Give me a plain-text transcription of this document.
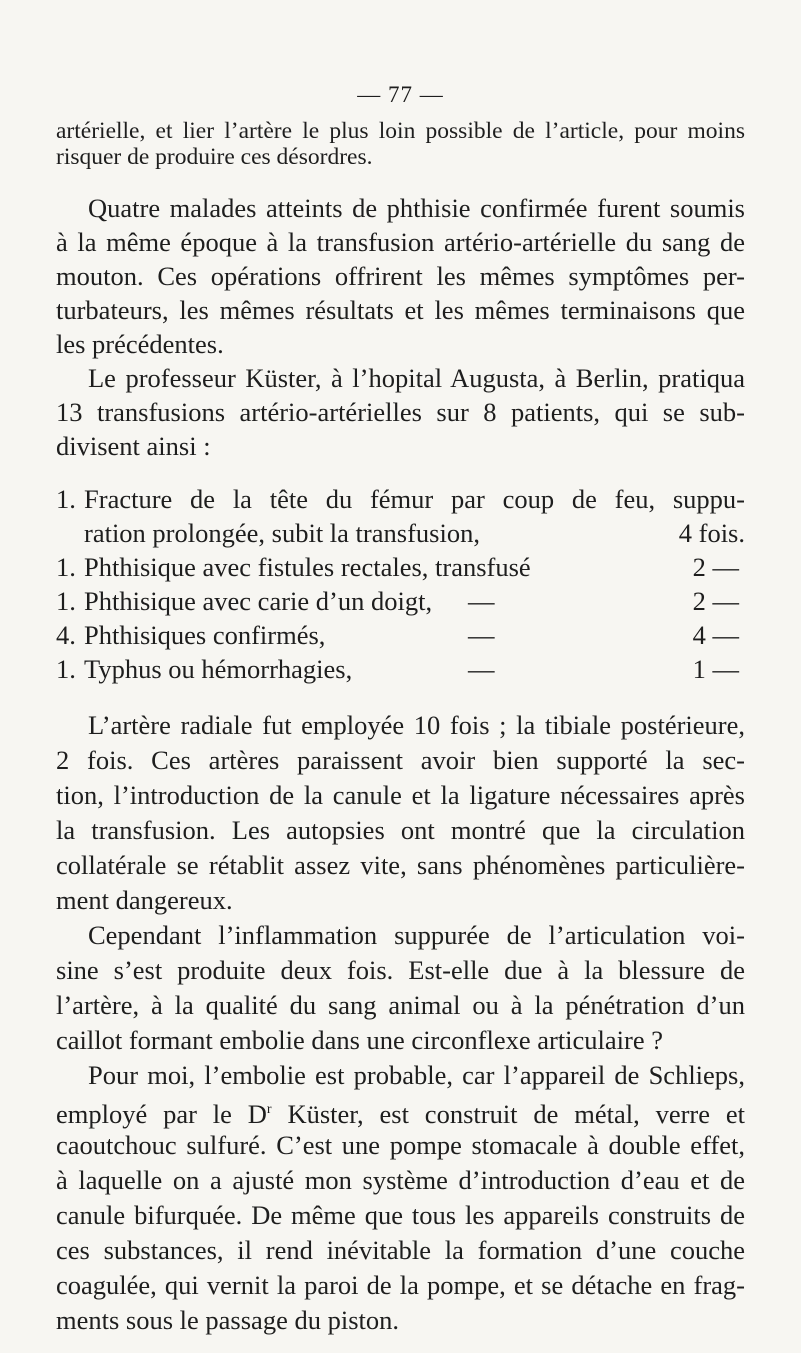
— 77 —
artérielle, et lier l’artère le plus loin possible de l’article, pour moins
risquer de produire ces désordres.
Quatre malades atteints de phthisie confirmée furent soumis
à la même époque à la transfusion artério-artérielle du sang de
mouton. Ces opérations offrirent les mêmes symptômes per-
turbateurs, les mêmes résultats et les mêmes terminaisons que
les précédentes.
Le professeur Küster, à l’hopital Augusta, à Berlin, pratiqua
13 transfusions artério-artérielles sur 8 patients, qui se sub-
divisent ainsi :
1. Fracture de la tête du fémur par coup de feu, suppu-
ration prolongée, subit la transfusion,	4 fois.
1. Phthisique avec fistules rectales, transfusé	2 —
1. Phthisique avec carie d’un doigt, —	2 —
4. Phthisiques confirmés,	—	4 —
1. Typhus ou hémorrhagies,	—	1 —
L’artère radiale fut employée 10 fois ; la tibiale postérieure,
2 fois. Ces artères paraissent avoir bien supporté la sec-
tion, l’introduction de la canule et la ligature nécessaires après
la transfusion. Les autopsies ont montré que la circulation
collatérale se rétablit assez vite, sans phénomènes particulière-
ment dangereux.
Cependant l’inflammation suppurée de l’articulation voi-
sine s’est produite deux fois. Est-elle due à la blessure de
l’artère, à la qualité du sang animal ou à la pénétration d’un
caillot formant embolie dans une circonflexe articulaire ?
Pour moi, l’embolie est probable, car l’appareil de Schlieps,
employé par le $D^r$ Küster, est construit de métal, verre et
caoutchouc sulfuré. C’est une pompe stomacale à double effet,
à laquelle on a ajusté mon système d’introduction d’eau et de
canule bifurquée. De même que tous les appareils construits de
ces substances, il rend inévitable la formation d’une couche
coagulée, qui vernit la paroi de la pompe, et se détache en frag-
ments sous le passage du piston.
